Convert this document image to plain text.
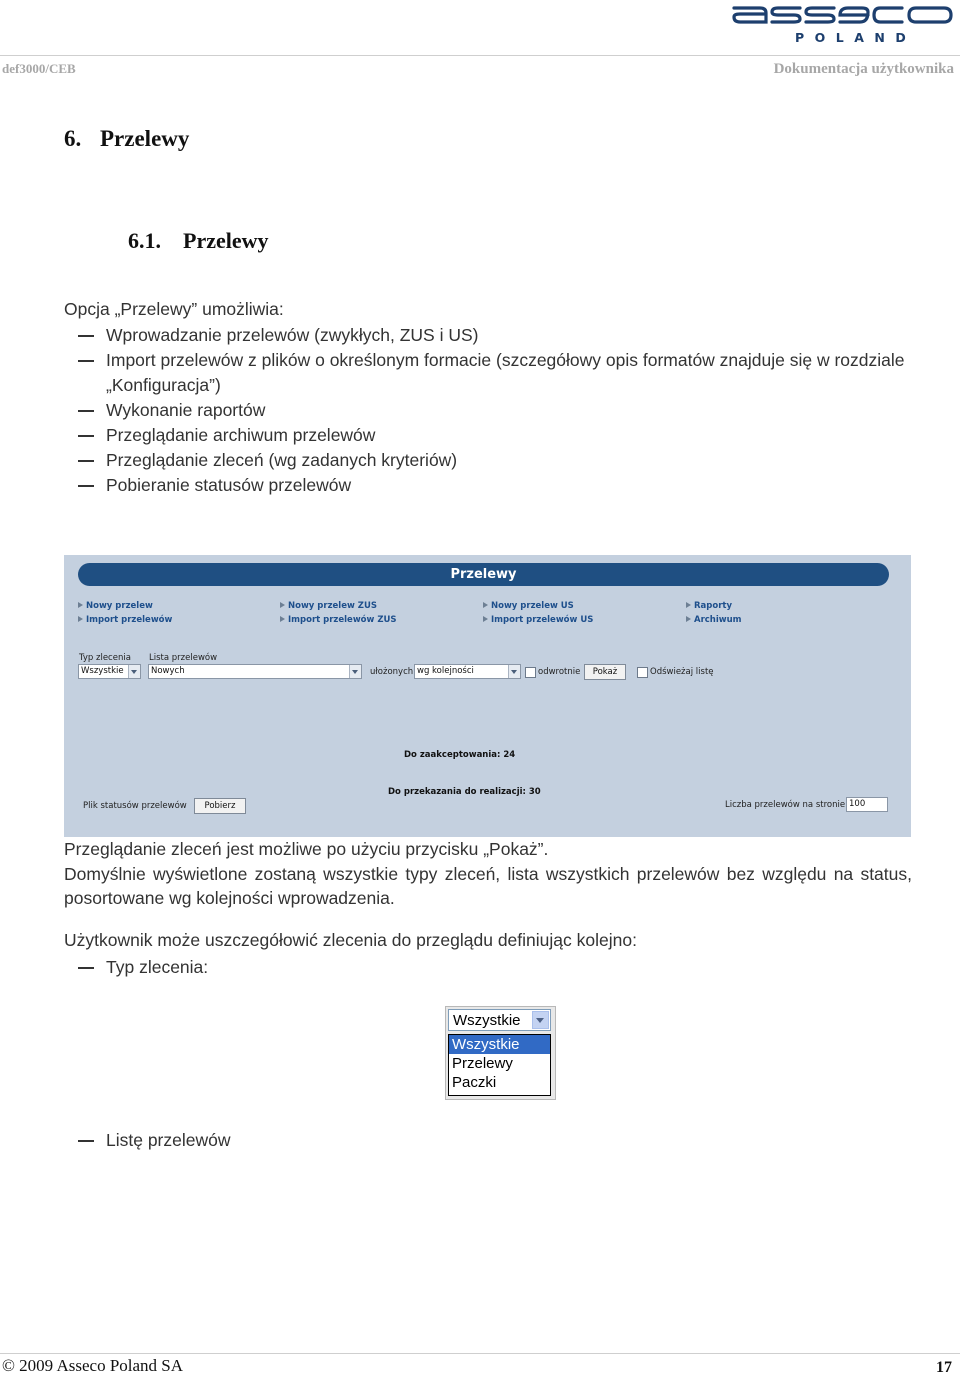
POLAND
def3000/CEB	Dokumentacja użytkownika
6. Przelewy
6.1. Przelewy
Opcja „Przelewy” umożliwia:
Wprowadzanie przelewów (zwykłych, ZUS i US)
Import przelewów z plików o określonym formacie (szczegółowy opis formatów znajduje się w rozdziale „Konfiguracja”)
Wykonanie raportów
Przeglądanie archiwum przelewów
Przeglądanie zleceń (wg zadanych kryteriów)
Pobieranie statusów przelewów
Przelewy
Nowy przelew
Import przelewów
Nowy przelew ZUS
Import przelewów ZUS
Nowy przelew US
Import przelewów US
Raporty
Archiwum
Typ zlecenia
Wszystkie
Lista przelewów
Nowych	ułożonych wg kolejności	odwrotnie	Pokaż	Odświeżaj listę
Do zaakceptowania: 24
Do przekazania do realizacji: 30
Plik statusów przelewów	Pobierz	Liczba przelewów na stronie 100
Przeglądanie zleceń jest możliwe po użyciu przycisku „Pokaż”.
Domyślnie wyświetlone zostaną wszystkie typy zleceń, lista wszystkich przelewów bez względu na status, posortowane wg kolejności wprowadzenia.
Użytkownik może uszczegółowić zlecenia do przeglądu definiując kolejno:
Typ zlecenia:
Wszystkie
Wszystkie
Przelewy
Paczki
Listę przelewów
© 2009 Asseco Poland SA	17
